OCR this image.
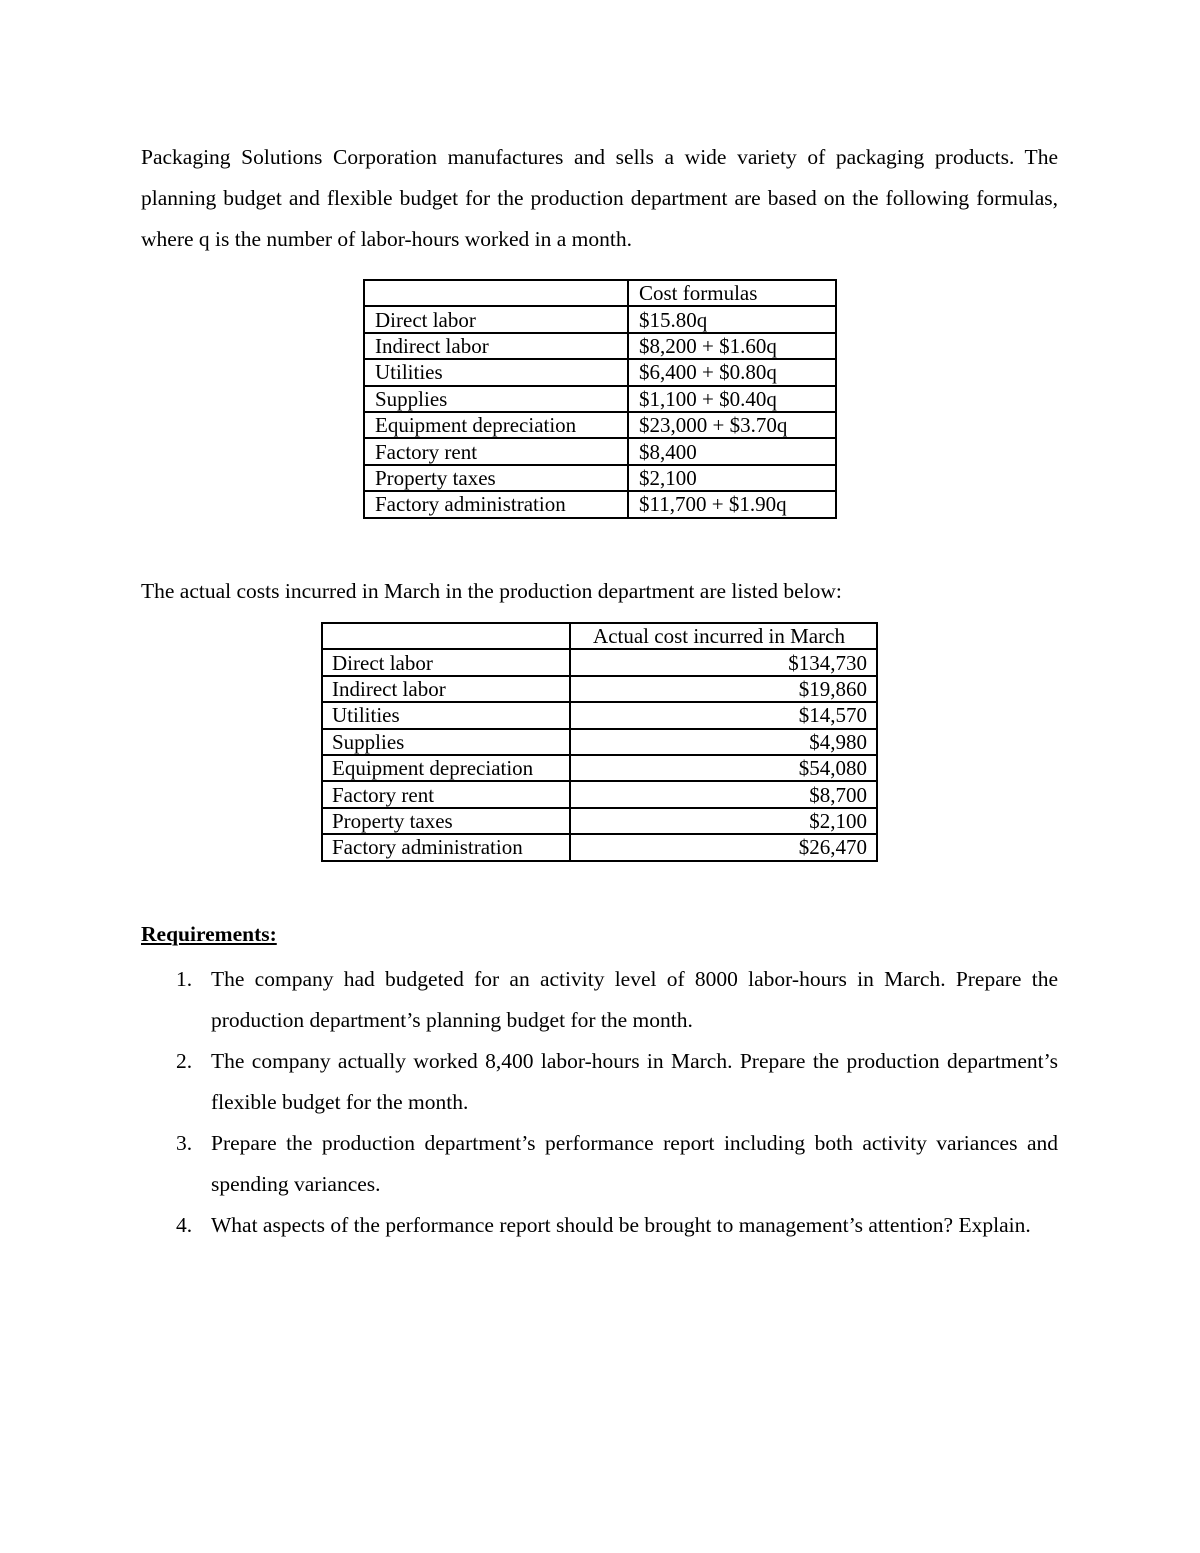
Packaging Solutions Corporation manufactures and sells a wide variety of packaging products. The planning budget and flexible budget for the production department are based on the following formulas, where q is the number of labor-hours worked in a month.

	Cost formulas
Direct labor	$15.80q
Indirect labor	$8,200 + $1.60q
Utilities	$6,400 + $0.80q
Supplies	$1,100 + $0.40q
Equipment depreciation	$23,000 + $3.70q
Factory rent	$8,400
Property taxes	$2,100
Factory administration	$11,700 + $1.90q

The actual costs incurred in March in the production department are listed below:

	Actual cost incurred in March
Direct labor	$134,730
Indirect labor	$19,860
Utilities	$14,570
Supplies	$4,980
Equipment depreciation	$54,080
Factory rent	$8,700
Property taxes	$2,100
Factory administration	$26,470

Requirements:

1. The company had budgeted for an activity level of 8000 labor-hours in March. Prepare the production department’s planning budget for the month.
2. The company actually worked 8,400 labor-hours in March. Prepare the production department’s flexible budget for the month.
3. Prepare the production department’s performance report including both activity variances and spending variances.
4. What aspects of the performance report should be brought to management’s attention? Explain.
